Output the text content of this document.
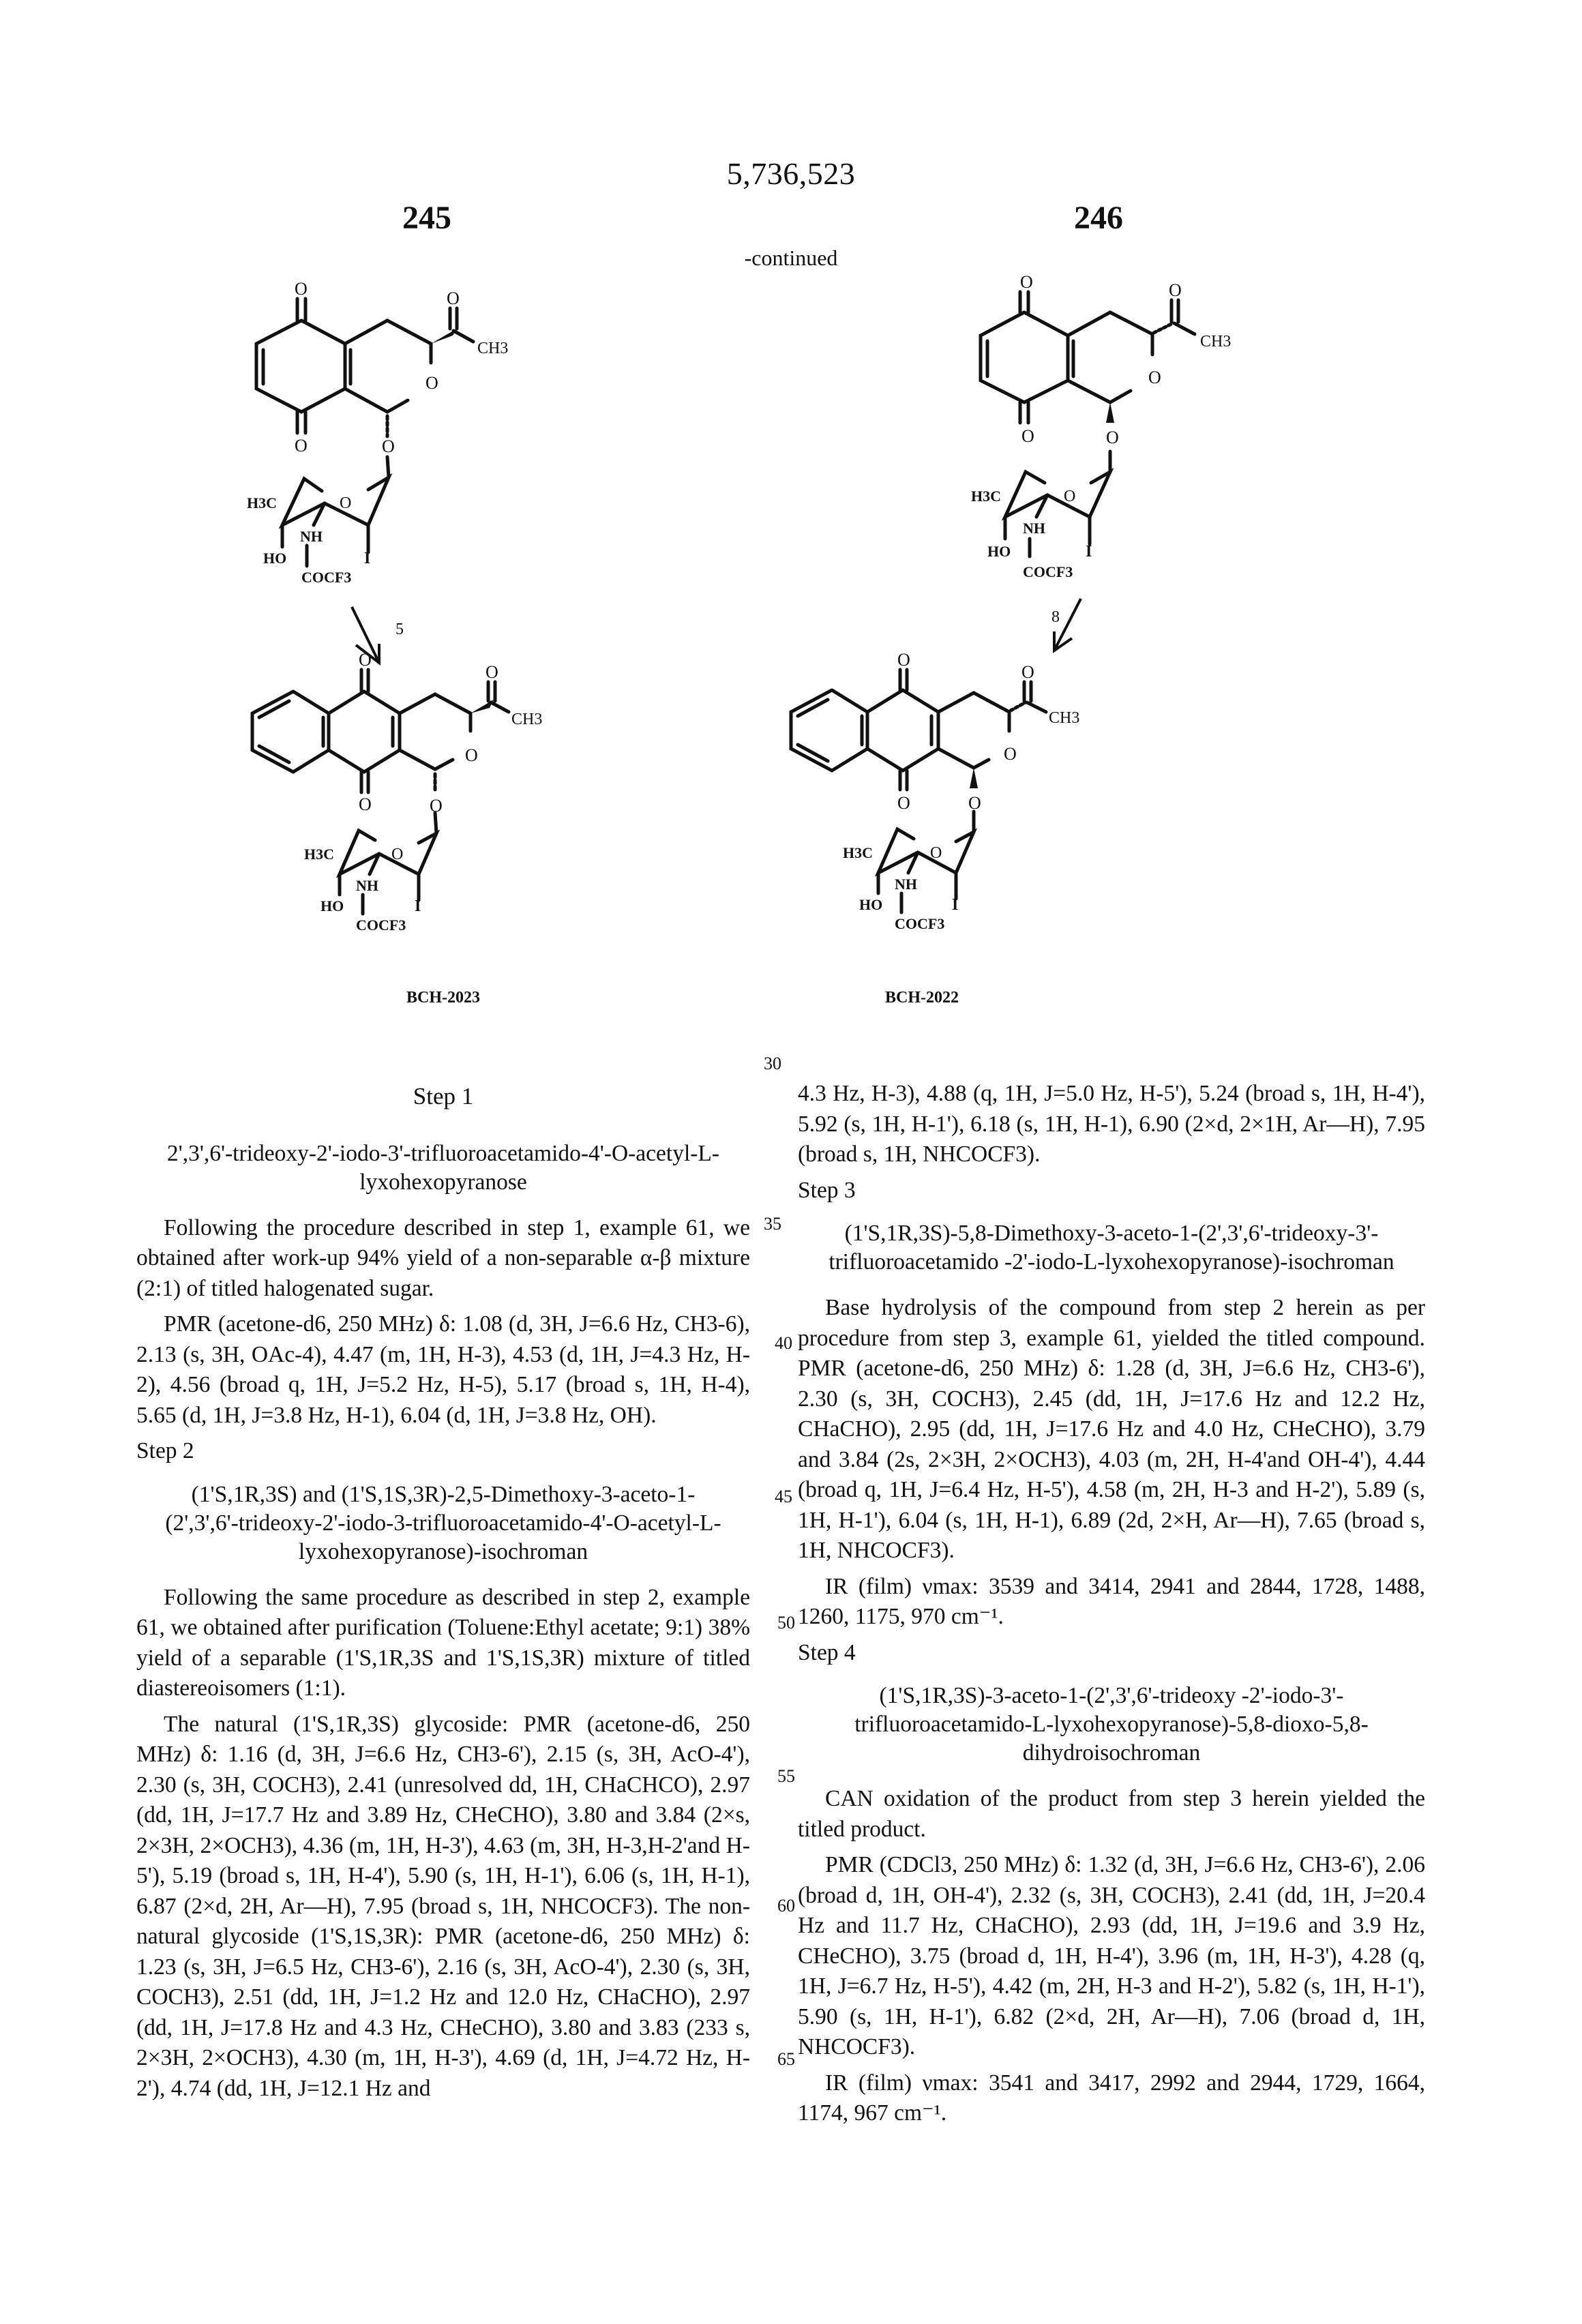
5,736,523
245	246
-continued
O	O
CH3
O
O	O
H3C	O
NH
HO	I
COCF3
O	O
CH3
O
O	O
H3C	O
NH
HO	I
COCF3
5
8
O
O
CH3
O
O	O
H3C	O
NH
HO	I
COCF3
BCH-2023
O
O
CH3
O
O	O
H3C	O
NH
HO	I
COCF3
BCH-2022
30
35
40
45
50
55
60
65
Step 1
2',3',6'-trideoxy-2'-iodo-3'-trifluoroacetamido-4'-O-acetyl-L-lyxohexopyranose

Following the procedure described in step 1, example 61, we obtained after work-up 94% yield of a non-separable α-β mixture (2:1) of titled halogenated sugar.

PMR (acetone-d6, 250 MHz) δ: 1.08 (d, 3H, J=6.6 Hz, CH3-6), 2.13 (s, 3H, OAc-4), 4.47 (m, 1H, H-3), 4.53 (d, 1H, J=4.3 Hz, H-2), 4.56 (broad q, 1H, J=5.2 Hz, H-5), 5.17 (broad s, 1H, H-4), 5.65 (d, 1H, J=3.8 Hz, H-1), 6.04 (d, 1H, J=3.8 Hz, OH).

Step 2
(1'S,1R,3S) and (1'S,1S,3R)-2,5-Dimethoxy-3-aceto-1-(2',3',6'-trideoxy-2'-iodo-3-trifluoroacetamido-4'-O-acetyl-L-lyxohexopyranose)-isochroman

Following the same procedure as described in step 2, example 61, we obtained after purification (Toluene:Ethyl acetate; 9:1) 38% yield of a separable (1'S,1R,3S and 1'S,1S,3R) mixture of titled diastereoisomers (1:1).

The natural (1'S,1R,3S) glycoside: PMR (acetone-d6, 250 MHz) δ: 1.16 (d, 3H, J=6.6 Hz, CH3-6'), 2.15 (s, 3H, AcO-4'), 2.30 (s, 3H, COCH3), 2.41 (unresolved dd, 1H, CHaCHCO), 2.97 (dd, 1H, J=17.7 Hz and 3.89 Hz, CHeCHO), 3.80 and 3.84 (2×s, 2×3H, 2×OCH3), 4.36 (m, 1H, H-3'), 4.63 (m, 3H, H-3,H-2'and H-5'), 5.19 (broad s, 1H, H-4'), 5.90 (s, 1H, H-1'), 6.06 (s, 1H, H-1), 6.87 (2×d, 2H, Ar—H), 7.95 (broad s, 1H, NHCOCF3). The non-natural glycoside (1'S,1S,3R): PMR (acetone-d6, 250 MHz) δ: 1.23 (s, 3H, J=6.5 Hz, CH3-6'), 2.16 (s, 3H, AcO-4'), 2.30 (s, 3H, COCH3), 2.51 (dd, 1H, J=1.2 Hz and 12.0 Hz, CHaCHO), 2.97 (dd, 1H, J=17.8 Hz and 4.3 Hz, CHeCHO), 3.80 and 3.83 (233 s, 2×3H, 2×OCH3), 4.30 (m, 1H, H-3'), 4.69 (d, 1H, J=4.72 Hz, H-2'), 4.74 (dd, 1H, J=12.1 Hz and

4.3 Hz, H-3), 4.88 (q, 1H, J=5.0 Hz, H-5'), 5.24 (broad s, 1H, H-4'), 5.92 (s, 1H, H-1'), 6.18 (s, 1H, H-1), 6.90 (2×d, 2×1H, Ar—H), 7.95 (broad s, 1H, NHCOCF3).

Step 3
(1'S,1R,3S)-5,8-Dimethoxy-3-aceto-1-(2',3',6'-trideoxy-3'-trifluoroacetamido -2'-iodo-L-lyxohexopyranose)-isochroman

Base hydrolysis of the compound from step 2 herein as per procedure from step 3, example 61, yielded the titled compound. PMR (acetone-d6, 250 MHz) δ: 1.28 (d, 3H, J=6.6 Hz, CH3-6'), 2.30 (s, 3H, COCH3), 2.45 (dd, 1H, J=17.6 Hz and 12.2 Hz, CHaCHO), 2.95 (dd, 1H, J=17.6 Hz and 4.0 Hz, CHeCHO), 3.79 and 3.84 (2s, 2×3H, 2×OCH3), 4.03 (m, 2H, H-4'and OH-4'), 4.44 (broad q, 1H, J=6.4 Hz, H-5'), 4.58 (m, 2H, H-3 and H-2'), 5.89 (s, 1H, H-1'), 6.04 (s, 1H, H-1), 6.89 (2d, 2×H, Ar—H), 7.65 (broad s, 1H, NHCOCF3).

IR (film) νmax: 3539 and 3414, 2941 and 2844, 1728, 1488, 1260, 1175, 970 cm⁻¹.

Step 4
(1'S,1R,3S)-3-aceto-1-(2',3',6'-trideoxy -2'-iodo-3'-trifluoroacetamido-L-lyxohexopyranose)-5,8-dioxo-5,8-dihydroisochroman

CAN oxidation of the product from step 3 herein yielded the titled product.

PMR (CDCl3, 250 MHz) δ: 1.32 (d, 3H, J=6.6 Hz, CH3-6'), 2.06 (broad d, 1H, OH-4'), 2.32 (s, 3H, COCH3), 2.41 (dd, 1H, J=20.4 Hz and 11.7 Hz, CHaCHO), 2.93 (dd, 1H, J=19.6 and 3.9 Hz, CHeCHO), 3.75 (broad d, 1H, H-4'), 3.96 (m, 1H, H-3'), 4.28 (q, 1H, J=6.7 Hz, H-5'), 4.42 (m, 2H, H-3 and H-2'), 5.82 (s, 1H, H-1'), 5.90 (s, 1H, H-1'), 6.82 (2×d, 2H, Ar—H), 7.06 (broad d, 1H, NHCOCF3).

IR (film) νmax: 3541 and 3417, 2992 and 2944, 1729, 1664, 1174, 967 cm⁻¹.
